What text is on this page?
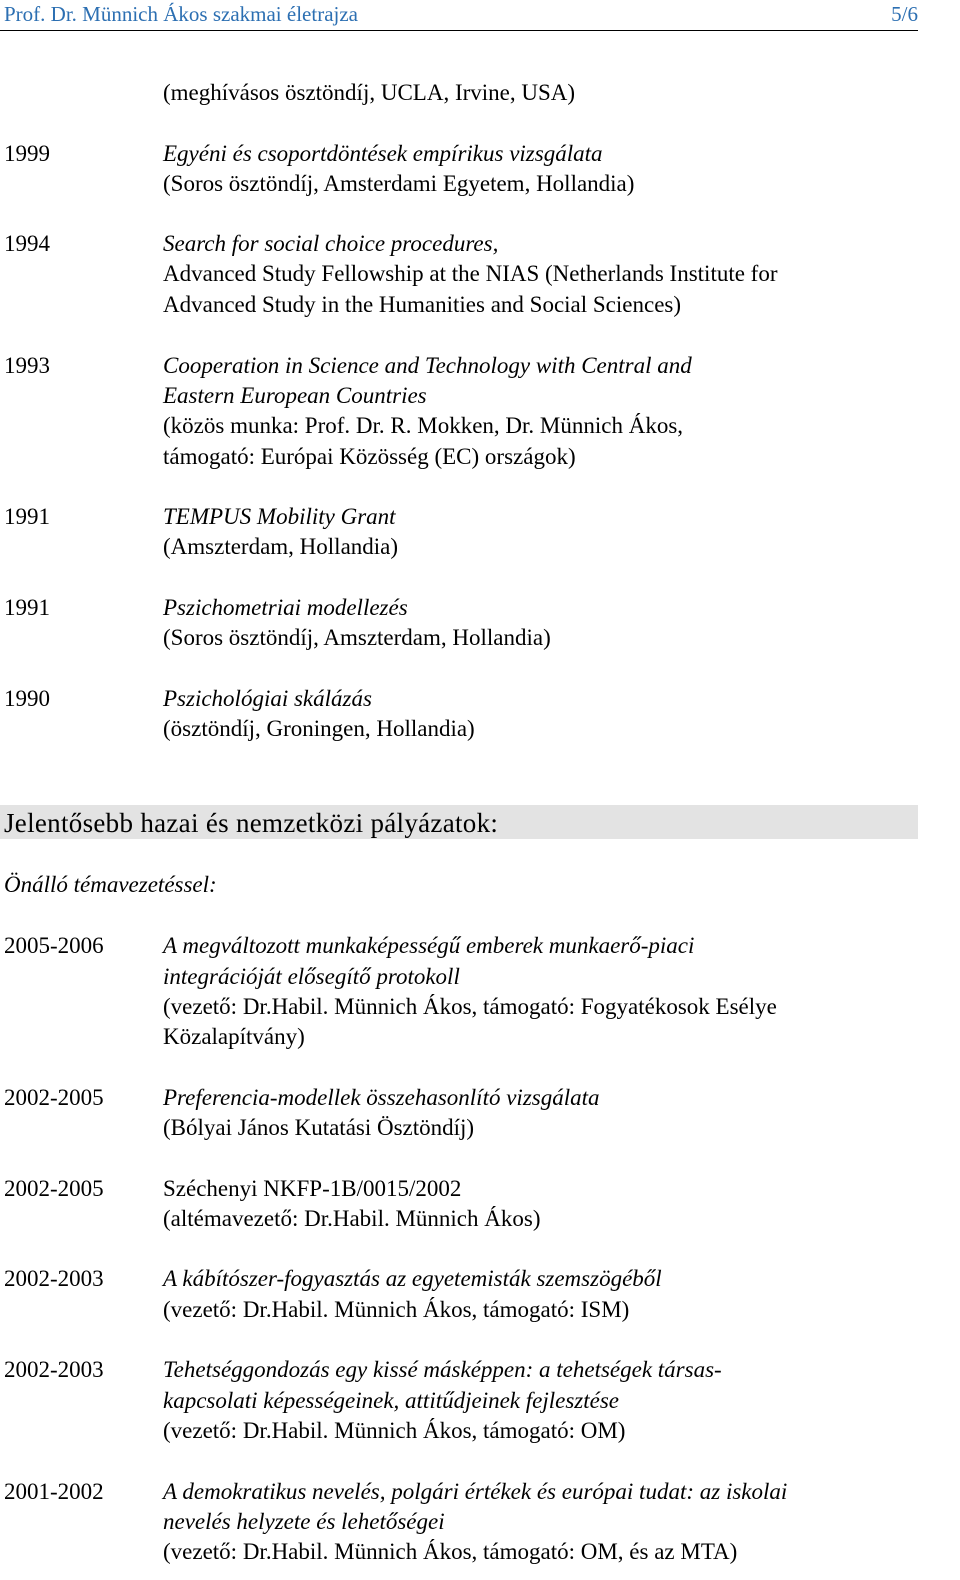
Prof. Dr. Münnich Ákos szakmai életrajza	5/6
(meghívásos ösztöndíj, UCLA, Irvine, USA)
1999	Egyéni és csoportdöntések empírikus vizsgálata
(Soros ösztöndíj, Amsterdami Egyetem, Hollandia)
1994	Search for social choice procedures,
Advanced Study Fellowship at the NIAS (Netherlands Institute for
Advanced Study in the Humanities and Social Sciences)
1993	Cooperation in Science and Technology with Central and
Eastern European Countries
(közös munka: Prof. Dr. R. Mokken, Dr. Münnich Ákos,
támogató: Európai Közösség (EC) országok)
1991	TEMPUS Mobility Grant
(Amszterdam, Hollandia)
1991	Pszichometriai modellezés
(Soros ösztöndíj, Amszterdam, Hollandia)
1990	Pszichológiai skálázás
(ösztöndíj, Groningen, Hollandia)
Jelentősebb hazai és nemzetközi pályázatok:
Önálló témavezetéssel:
2005-2006	A megváltozott munkaképességű emberek munkaerő-piaci
integrációját elősegítő protokoll
(vezető: Dr.Habil. Münnich Ákos, támogató: Fogyatékosok Esélye
Közalapítvány)
2002-2005	Preferencia-modellek összehasonlító vizsgálata
(Bólyai János Kutatási Ösztöndíj)
2002-2005	Széchenyi NKFP-1B/0015/2002
(altémavezető: Dr.Habil. Münnich Ákos)
2002-2003	A kábítószer-fogyasztás az egyetemisták szemszögéből
(vezető: Dr.Habil. Münnich Ákos, támogató: ISM)
2002-2003	Tehetséggondozás egy kissé másképpen: a tehetségek társas-
kapcsolati képességeinek, attitűdjeinek fejlesztése
(vezető: Dr.Habil. Münnich Ákos, támogató: OM)
2001-2002	A demokratikus nevelés, polgári értékek és európai tudat: az iskolai
nevelés helyzete és lehetőségei
(vezető: Dr.Habil. Münnich Ákos, támogató: OM, és az MTA)
